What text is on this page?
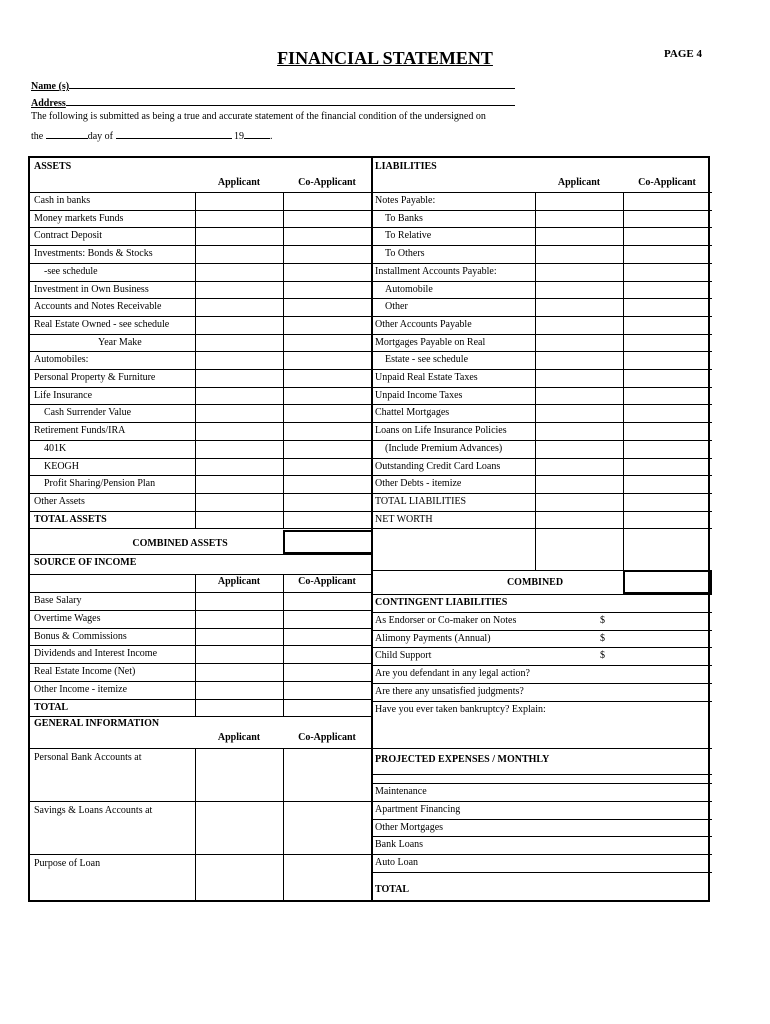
FINANCIAL STATEMENT	PAGE 4
Name (s)
Address
The following is submitted as being a true and accurate statement of the financial condition of the undersigned on
the	day of	19	.
ASSETS
Applicant	Co-Applicant
Cash in banks
Money markets Funds
Contract Deposit
Investments: Bonds & Stocks
-see schedule
Investment in Own Business
Accounts and Notes Receivable
Real Estate Owned - see schedule
Year Make
Automobiles:
Personal Property & Furniture
Life Insurance
Cash Surrender Value
Retirement Funds/IRA
401K
KEOGH
Profit Sharing/Pension Plan
Other Assets
TOTAL ASSETS
COMBINED ASSETS
SOURCE OF INCOME
Applicant	Co-Applicant
Base Salary
Overtime Wages
Bonus & Commissions
Dividends and Interest Income
Real Estate Income (Net)
Other Income - itemize
TOTAL
GENERAL INFORMATION
Applicant	Co-Applicant
Personal Bank Accounts at
Savings & Loans Accounts at
Purpose of Loan
LIABILITIES
Applicant	Co-Applicant
Notes Payable:
To Banks
To Relative
To Others
Installment Accounts Payable:
Automobile
Other
Other Accounts Payable
Mortgages Payable on Real
Estate - see schedule
Unpaid Real Estate Taxes
Unpaid Income Taxes
Chattel Mortgages
Loans on Life Insurance Policies
(Include Premium Advances)
Outstanding Credit Card Loans
Other Debts - itemize
TOTAL LIABILITIES
NET WORTH
COMBINED
CONTINGENT LIABILITIES
As Endorser or Co-maker on Notes	$
Alimony Payments (Annual)	$
Child Support	$
Are you defendant in any legal action?
Are there any unsatisfied judgments?
Have you ever taken bankruptcy? Explain:
PROJECTED EXPENSES / MONTHLY
Maintenance
Apartment Financing
Other Mortgages
Bank Loans
Auto Loan
TOTAL
